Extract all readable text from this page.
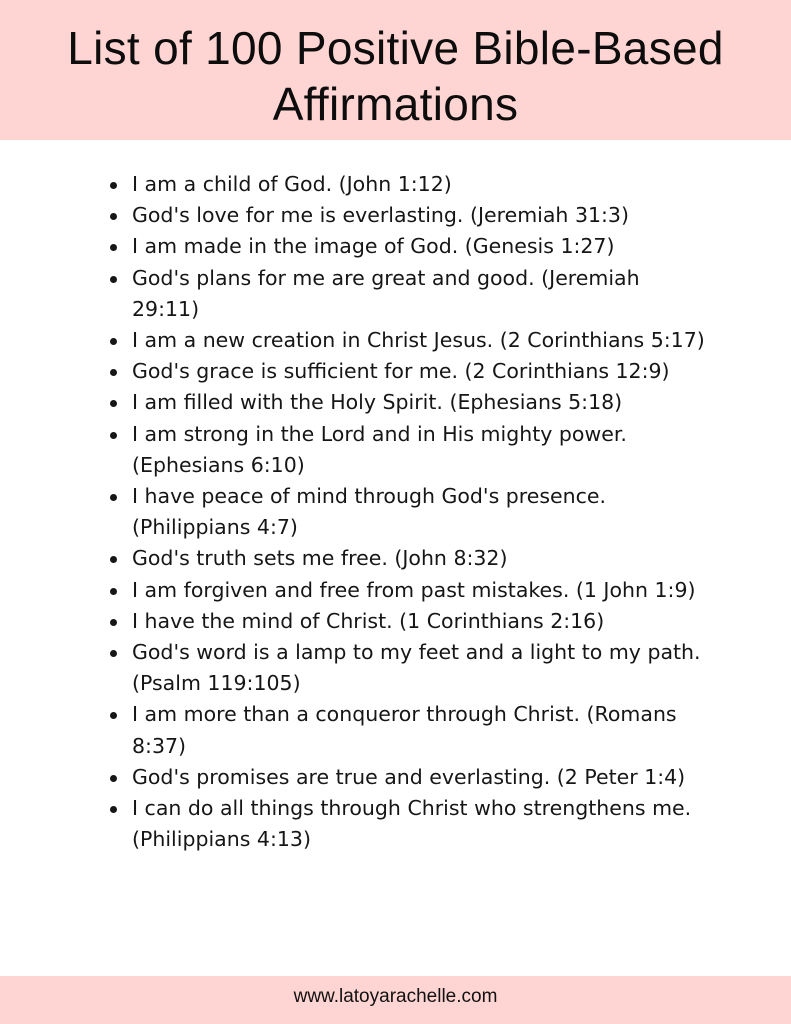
List of 100 Positive Bible-Based Affirmations
I am a child of God. (John 1:12)
God's love for me is everlasting. (Jeremiah 31:3)
I am made in the image of God. (Genesis 1:27)
God's plans for me are great and good. (Jeremiah 29:11)
I am a new creation in Christ Jesus. (2 Corinthians 5:17)
God's grace is sufficient for me. (2 Corinthians 12:9)
I am filled with the Holy Spirit. (Ephesians 5:18)
I am strong in the Lord and in His mighty power. (Ephesians 6:10)
I have peace of mind through God's presence. (Philippians 4:7)
God's truth sets me free. (John 8:32)
I am forgiven and free from past mistakes. (1 John 1:9)
I have the mind of Christ. (1 Corinthians 2:16)
God's word is a lamp to my feet and a light to my path. (Psalm 119:105)
I am more than a conqueror through Christ. (Romans 8:37)
God's promises are true and everlasting. (2 Peter 1:4)
I can do all things through Christ who strengthens me. (Philippians 4:13)
www.latoyarachelle.com
